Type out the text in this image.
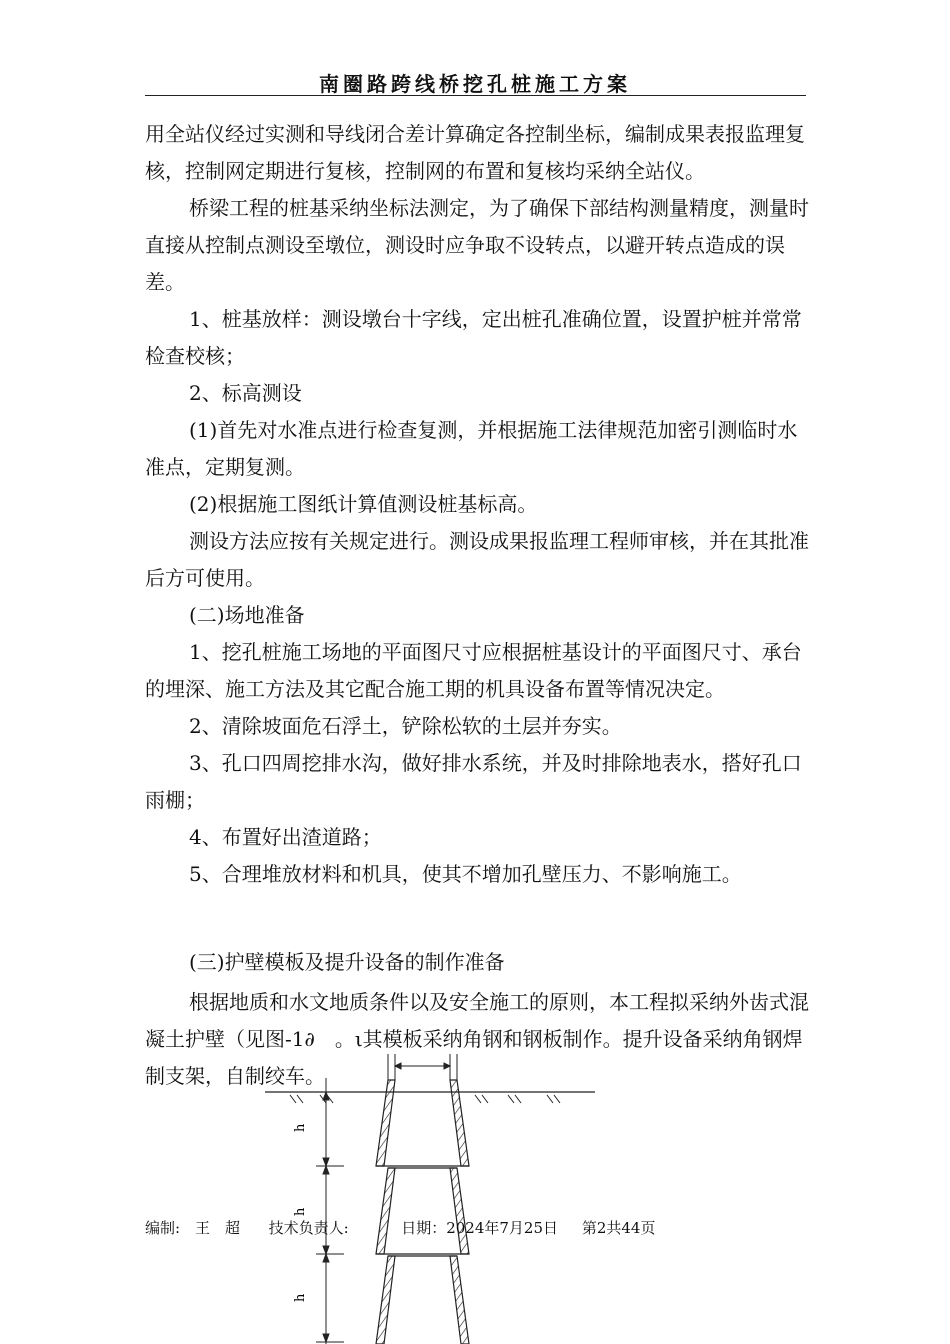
南圈路跨线桥挖孔桩施工方案

用全站仪经过实测和导线闭合差计算确定各控制坐标，编制成果表报监理复核，控制网定期进行复核，控制网的布置和复核均采纳全站仪。

桥梁工程的桩基采纳坐标法测定，为了确保下部结构测量精度，测量时直接从控制点测设至墩位，测设时应争取不设转点，以避开转点造成的误差。

1、桩基放样：测设墩台十字线，定出桩孔准确位置，设置护桩并常常检查校核；

2、标高测设

(1)首先对水准点进行检查复测，并根据施工法律规范加密引测临时水准点，定期复测。

(2)根据施工图纸计算值测设桩基标高。

测设方法应按有关规定进行。测设成果报监理工程师审核，并在其批准后方可使用。

(二)场地准备

1、挖孔桩施工场地的平面图尺寸应根据桩基设计的平面图尺寸、承台的埋深、施工方法及其它配合施工期的机具设备布置等情况决定。

2、清除坡面危石浮土，铲除松软的土层并夯实。

3、孔口四周挖排水沟，做好排水系统，并及时排除地表水，搭好孔口雨棚；

4、布置好出渣道路；

5、合理堆放材料和机具，使其不增加孔壁压力、不影响施工。

(三)护壁模板及提升设备的制作准备

根据地质和水文地质条件以及安全施工的原则，本工程拟采纳外齿式混凝土护壁（见图-1∂　。ι其模板采纳角钢和钢板制作。提升设备采纳角钢焊制支架，自制绞车。

h
h
h
编制:　王　超 技术负责人:	日期：2024年7月25日 第2共44页
